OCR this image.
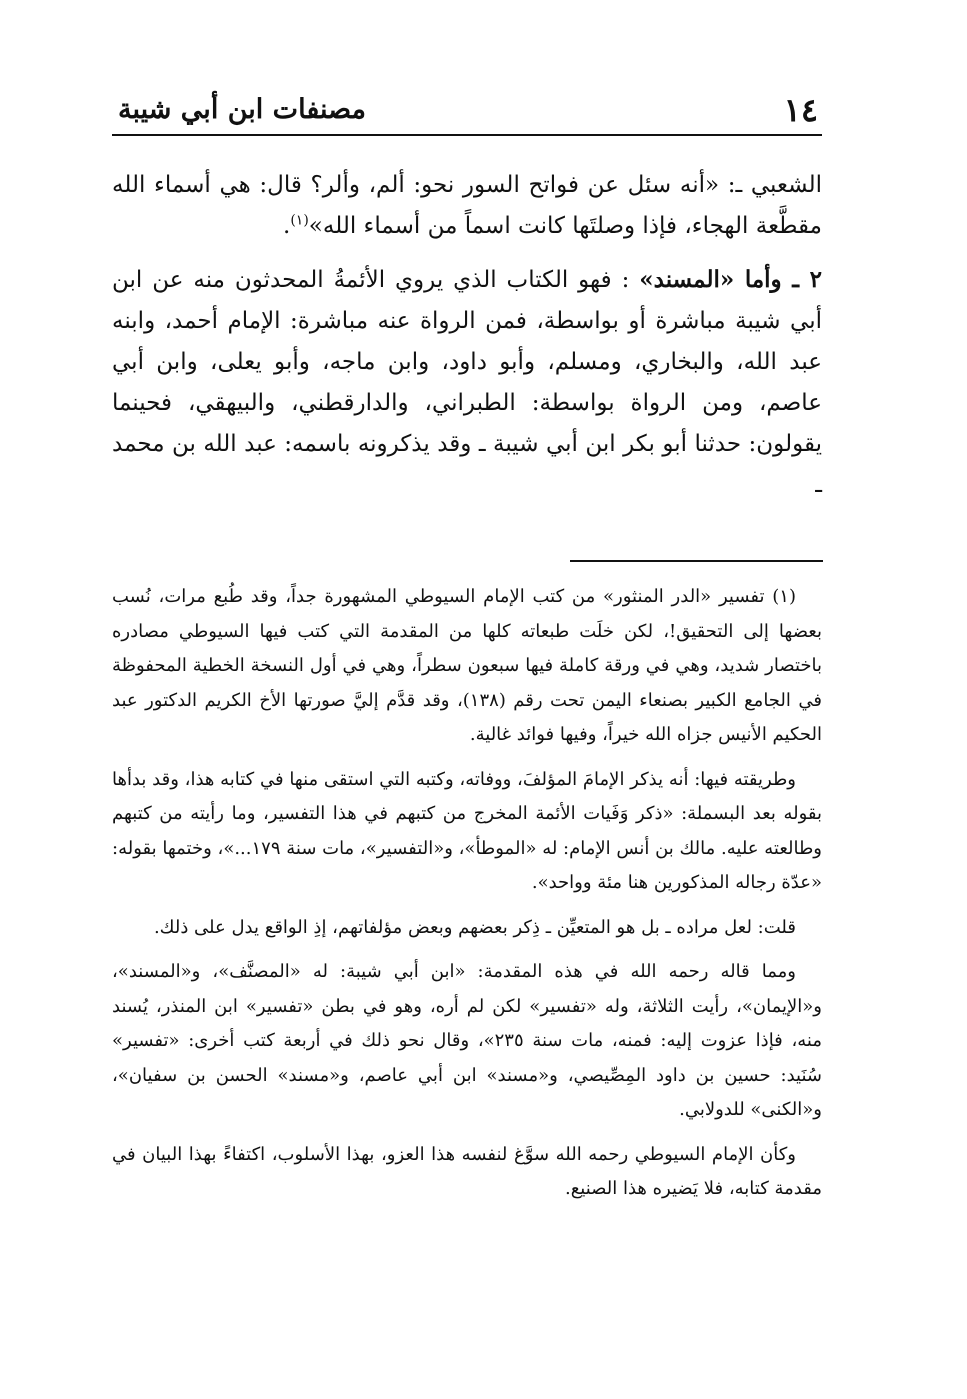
١٤
مصنفات ابن أبي شيبة

الشعبي ـ: «أنه سئل عن فواتح السور نحو: ألم، وألر؟ قال: هي أسماء الله مقطَّعة الهجاء، فإذا وصلتَها كانت اسماً من أسماء الله»$^{(١)}$.

٢ ـ وأما «المسند» : فهو الكتاب الذي يروي الأئمةُ المحدثون منه عن ابن أبي شيبة مباشرة أو بواسطة، فمن الرواة عنه مباشرة: الإمام أحمد، وابنه عبد الله، والبخاري، ومسلم، وأبو داود، وابن ماجه، وأبو يعلى، وابن أبي عاصم، ومن الرواة بواسطة: الطبراني، والدارقطني، والبيهقي، فحينما يقولون: حدثنا أبو بكر ابن أبي شيبة ـ وقد يذكرونه باسمه: عبد الله بن محمد ـ

(١) تفسير «الدر المنثور» من كتب الإمام السيوطي المشهورة جداً، وقد طُبع مرات، نُسب بعضها إلى التحقيق!، لكن خلَت طبعاته كلها من المقدمة التي كتب فيها السيوطي مصادره باختصار شديد، وهي في ورقة كاملة فيها سبعون سطراً، وهي في أول النسخة الخطية المحفوظة في الجامع الكبير بصنعاء اليمن تحت رقم (١٣٨)، وقد قدَّم إليَّ صورتها الأخ الكريم الدكتور عبد الحكيم الأنيس جزاه الله خيراً، وفيها فوائد غالية.

وطريقته فيها: أنه يذكر الإمامَ المؤلفَ، ووفاته، وكتبه التي استقى منها في كتابه هذا، وقد بدأها بقوله بعد البسملة: «ذكر وَفَيات الأئمة المخرج من كتبهم في هذا التفسير، وما رأيته من كتبهم وطالعته عليه. مالك بن أنس الإمام: له «الموطأ»، و«التفسير»، مات سنة ١٧٩...»، وختمها بقوله: «عدّة رجاله المذكورين هنا مئة وواحد».

قلت: لعل مراده ـ بل هو المتعيِّن ـ ذِكر بعضهم وبعض مؤلفاتهم، إذِ الواقع يدل على ذلك.

ومما قاله رحمه الله في هذه المقدمة: «ابن أبي شيبة: له «المصنَّف»، و«المسند»، و«الإيمان»، رأيت الثلاثة، وله «تفسير» لكن لم أره، وهو في بطن «تفسير» ابن المنذر، يُسند منه، فإذا عزوت إليه: فمنه، مات سنة ٢٣٥»، وقال نحو ذلك في أربعة كتب أخرى: «تفسير» سُنَيد: حسين بن داود المِصِّيصي، و«مسند» ابن أبي عاصم، و«مسند» الحسن بن سفيان»، و«الكنى» للدولابي.

وكأن الإمام السيوطي رحمه الله سوَّغ لنفسه هذا العزو، بهذا الأسلوب، اكتفاءً بهذا البيان في مقدمة كتابه، فلا يَضيره هذا الصنيع.
